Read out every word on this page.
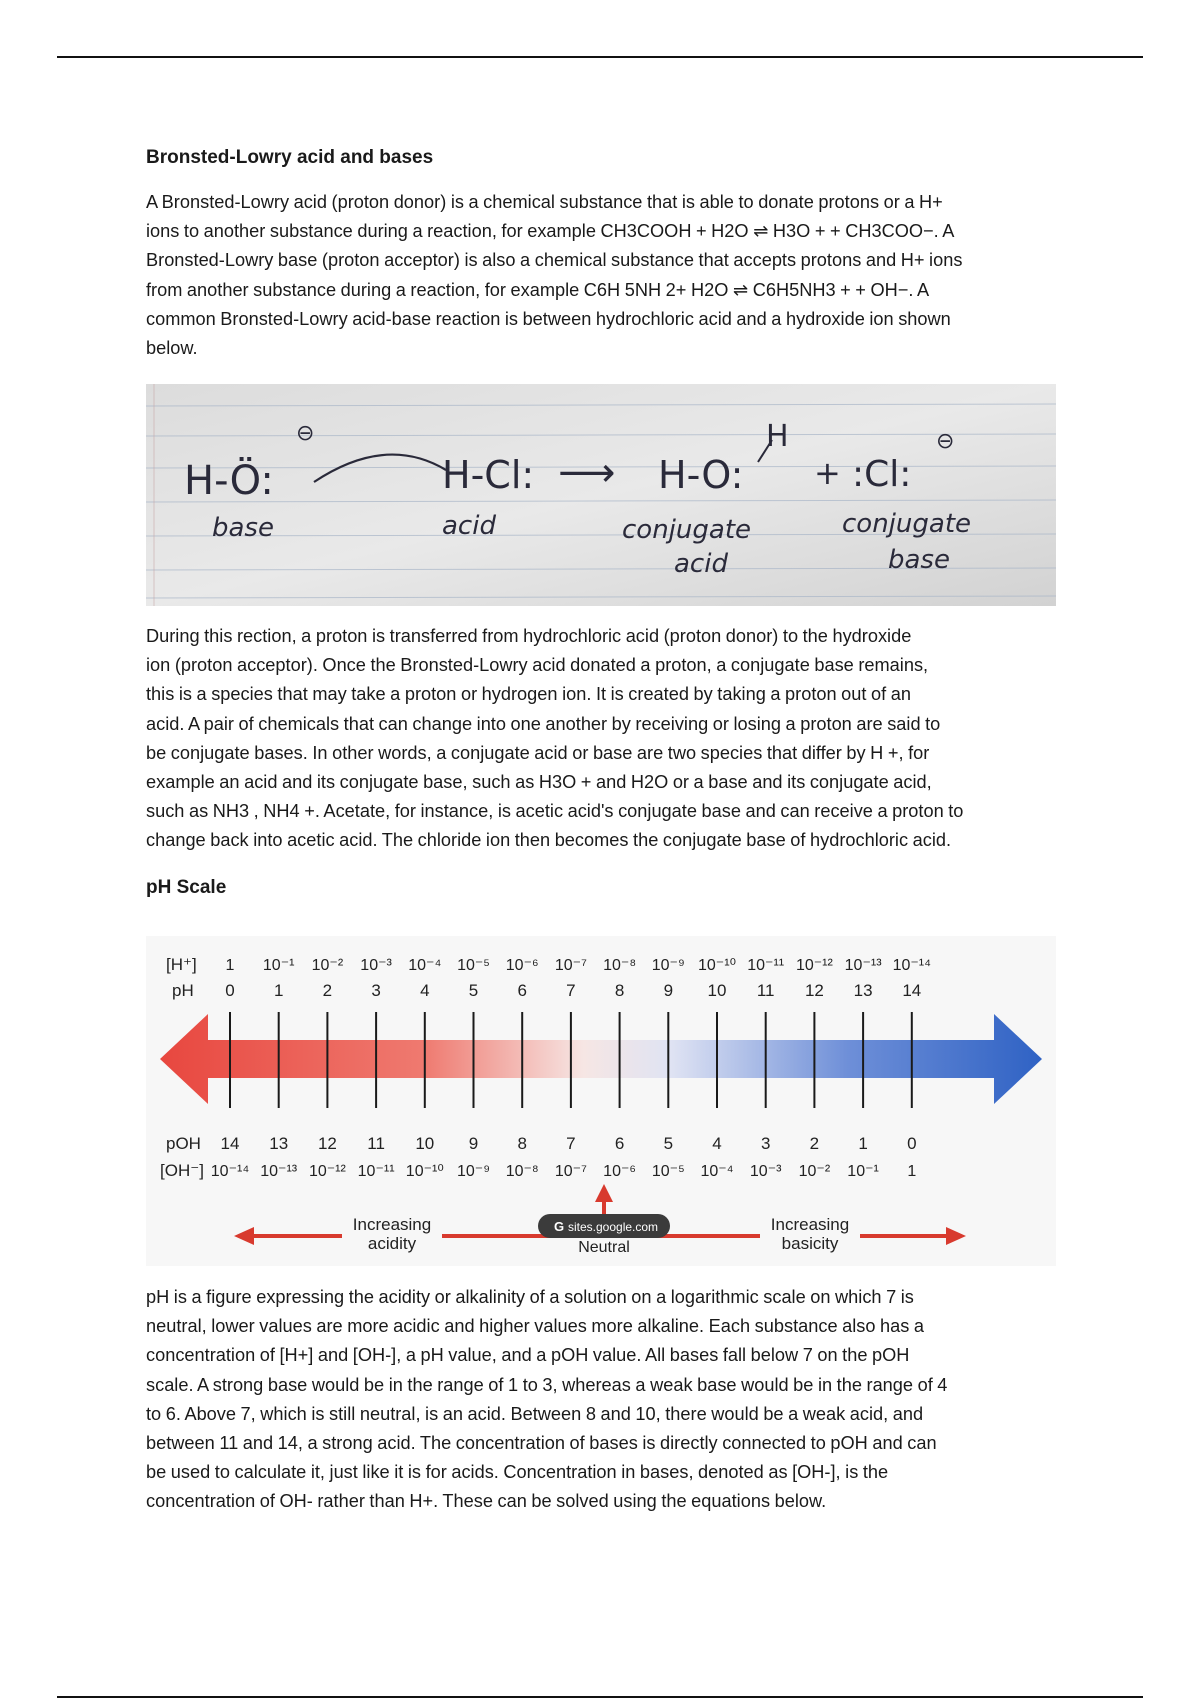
Bronsted-Lowry acid and bases

A Bronsted-Lowry acid (proton donor) is a chemical substance that is able to donate protons or a H+
ions to another substance during a reaction, for example CH3COOH + H2O ⇌ H3O + + CH3COO−. A
Bronsted-Lowry base (proton acceptor) is also a chemical substance that accepts protons and H+ ions
from another substance during a reaction, for example C6H 5NH 2+ H2O ⇌ C6H5NH3 + + OH−. A
common Bronsted-Lowry acid-base reaction is between hydrochloric acid and a hydroxide ion shown
below.

H-Ö:
⊖
H-Cl: ⟶ H-O:
H
+ :Cl:
⊖
base	acid	conjugate
acid
conjugate
base

During this rection, a proton is transferred from hydrochloric acid (proton donor) to the hydroxide
ion (proton acceptor). Once the Bronsted-Lowry acid donated a proton, a conjugate base remains,
this is a species that may take a proton or hydrogen ion. It is created by taking a proton out of an
acid. A pair of chemicals that can change into one another by receiving or losing a proton are said to
be conjugate bases. In other words, a conjugate acid or base are two species that differ by H +, for
example an acid and its conjugate base, such as H3O + and H2O or a base and its conjugate acid,
such as NH3 , NH4 +. Acetate, for instance, is acetic acid's conjugate base and can receive a proton to
change back into acetic acid. The chloride ion then becomes the conjugate base of hydrochloric acid.

pH Scale
[H⁺]
pH
pOH
[OH⁻]
1 10⁻¹ 10⁻² 10⁻³ 10⁻⁴ 10⁻⁵ 10⁻⁶ 10⁻⁷ 10⁻⁸ 10⁻⁹ 10⁻¹⁰ 10⁻¹¹ 10⁻¹² 10⁻¹³ 10⁻¹⁴
0 1 2 3 4 5 6 7 8 9 10 11 12 13 14
14 13 12 11 10 9 8 7 6 5 4 3 2 1 0
10⁻¹⁴ 10⁻¹³ 10⁻¹² 10⁻¹¹ 10⁻¹⁰ 10⁻⁹ 10⁻⁸ 10⁻⁷ 10⁻⁶ 10⁻⁵ 10⁻⁴ 10⁻³ 10⁻² 10⁻¹ 1
Increasing
acidity
Increasing
basicity
Neutral
G sites.google.com

pH is a figure expressing the acidity or alkalinity of a solution on a logarithmic scale on which 7 is
neutral, lower values are more acidic and higher values more alkaline. Each substance also has a
concentration of [H+] and [OH-], a pH value, and a pOH value. All bases fall below 7 on the pOH
scale. A strong base would be in the range of 1 to 3, whereas a weak base would be in the range of 4
to 6. Above 7, which is still neutral, is an acid. Between 8 and 10, there would be a weak acid, and
between 11 and 14, a strong acid. The concentration of bases is directly connected to pOH and can
be used to calculate it, just like it is for acids. Concentration in bases, denoted as [OH-], is the
concentration of OH- rather than H+. These can be solved using the equations below.
